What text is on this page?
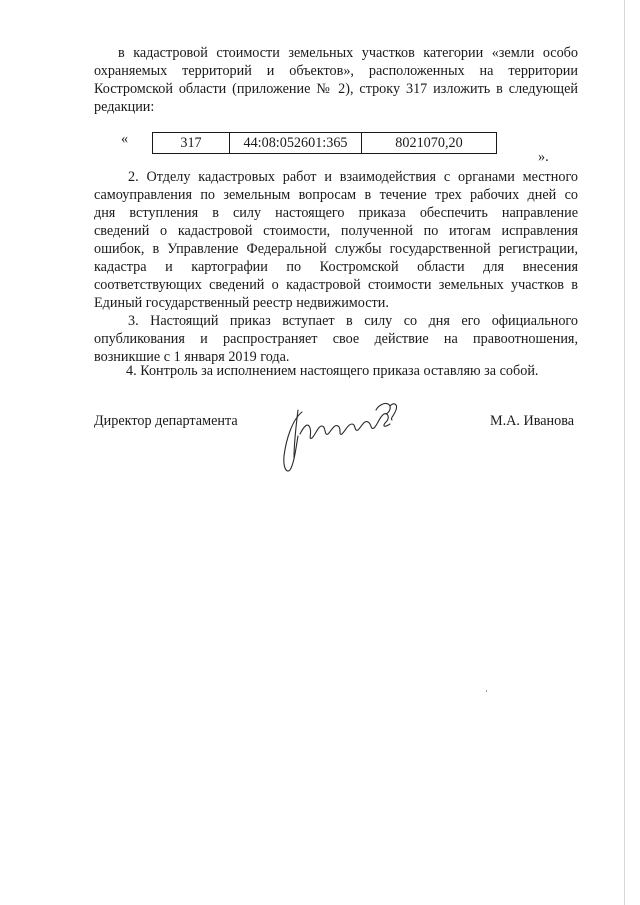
в кадастровой стоимости земельных участков категории «земли особо
охраняемых территорий и объектов», расположенных на территории
Костромской области (приложение № 2), строку 317 изложить в следующей
редакции:
«	317	44:08:052601:365	8021070,20
».
2. Отделу кадастровых работ и взаимодействия с органами местного
самоуправления по земельным вопросам в течение трех рабочих дней со
дня вступления в силу настоящего приказа обеспечить направление
сведений о кадастровой стоимости, полученной по итогам исправления
ошибок, в Управление Федеральной службы государственной регистрации,
кадастра и картографии по Костромской области для внесения
соответствующих сведений о кадастровой стоимости земельных участков в
Единый государственный реестр недвижимости.
3. Настоящий приказ вступает в силу со дня его официального
опубликования и распространяет свое действие на правоотношения,
возникшие с 1 января 2019 года.
4. Контроль за исполнением настоящего приказа оставляю за собой.
Директор департамента	М.А. Иванова
